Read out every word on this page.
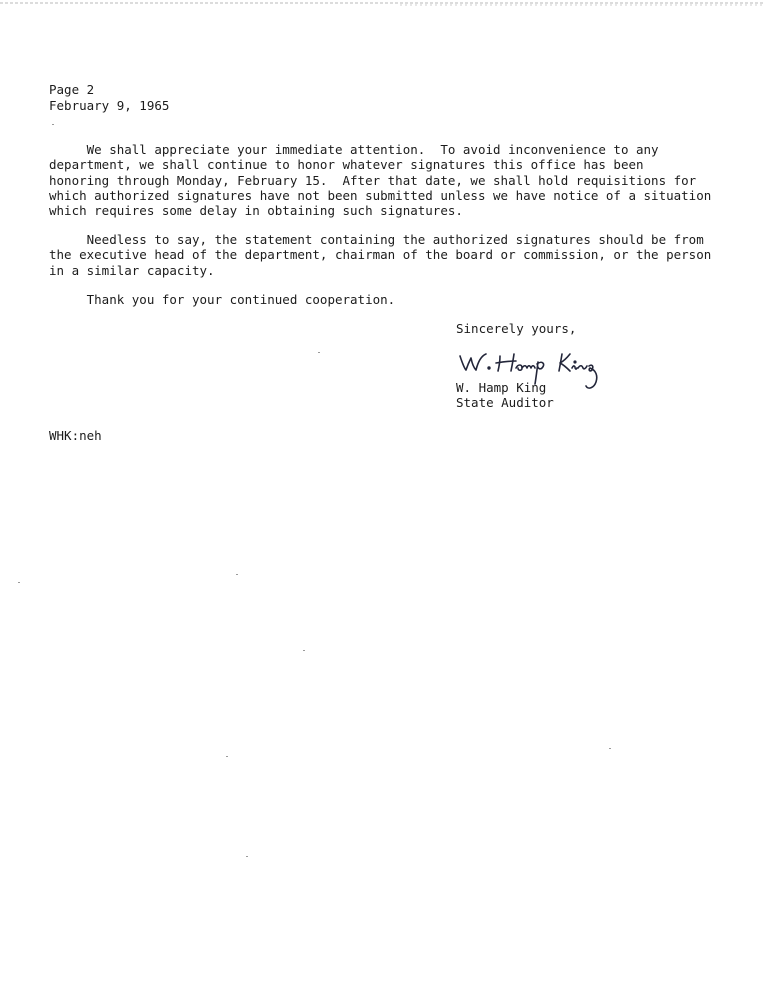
Page 2
February 9, 1965
We shall appreciate your immediate attention.  To avoid inconvenience to any
department, we shall continue to honor whatever signatures this office has been
honoring through Monday, February 15.  After that date, we shall hold requisitions for
which authorized signatures have not been submitted unless we have notice of a situation
which requires some delay in obtaining such signatures.
Needless to say, the statement containing the authorized signatures should be from
the executive head of the department, chairman of the board or commission, or the person
in a similar capacity.
Thank you for your continued cooperation.
Sincerely yours,
W. Hamp King
State Auditor
WHK:neh
